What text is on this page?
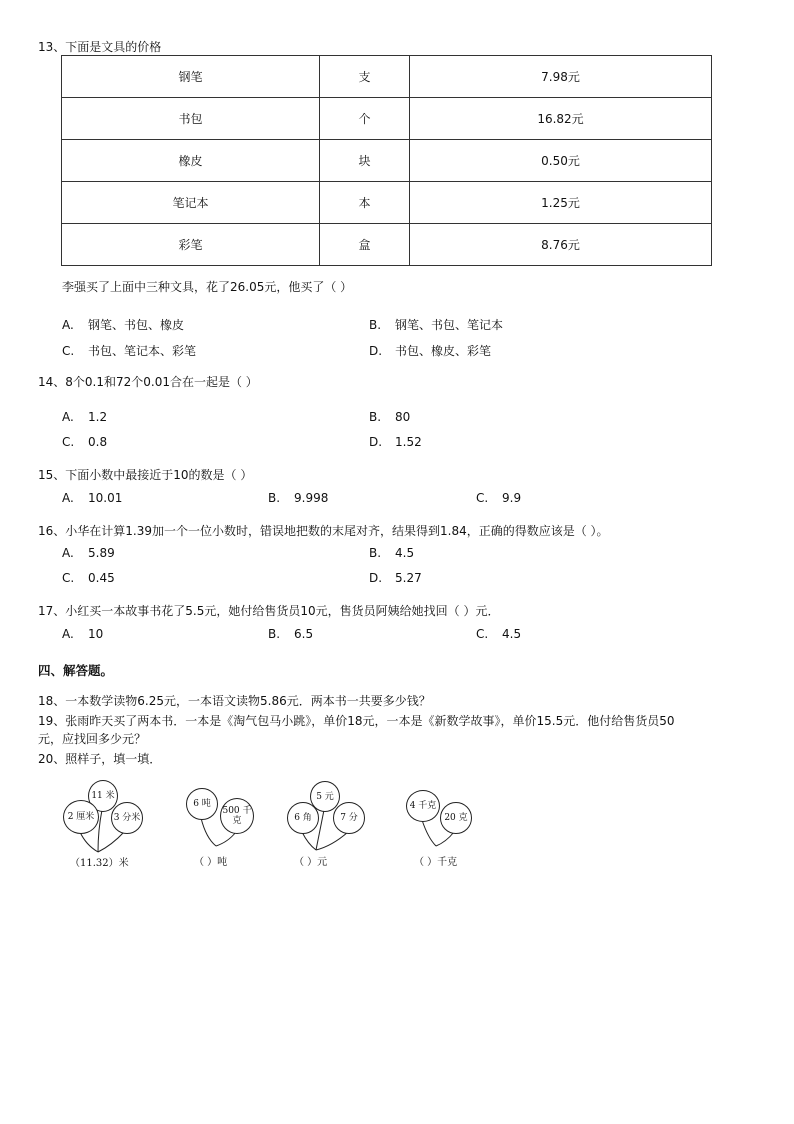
13、下面是文具的价格
钢笔	支	7.98元
书包	个	16.82元
橡皮	块	0.50元
笔记本	本	1.25元
彩笔	盒	8.76元
李强买了上面中三种文具，花了26.05元，他买了（ ）
A. 钢笔、书包、橡皮	B. 钢笔、书包、笔记本
C. 书包、笔记本、彩笔	D. 书包、橡皮、彩笔
14、8个0.1和72个0.01合在一起是（ ）
A. 1.2	B. 80
C. 0.8	D. 1.52
15、下面小数中最接近于10的数是（ ）
A. 10.01	B. 9.998	C. 9.9
16、小华在计算1.39加一个一位小数时，错误地把数的末尾对齐，结果得到1.84，正确的得数应该是（ ）。
A. 5.89	B. 4.5
C. 0.45	D. 5.27
17、小红买一本故事书花了5.5元，她付给售货员10元，售货员阿姨给她找回（ ）元．
A. 10	B. 6.5	C. 4.5
四、解答题。
18、一本数学读物6.25元，一本语文读物5.86元．两本书一共要多少钱？
19、张雨昨天买了两本书．一本是《淘气包马小跳》，单价18元，一本是《新数学故事》，单价15.5元．他付给售货员50
元，应找回多少元？
20、照样子，填一填．
11 米
2 厘米	3 分米
（11.32）米
6 吨
500 千克
（ ）吨
5 元
6 角	7 分
（ ）元
4 千克
20 克
（ ）千克
